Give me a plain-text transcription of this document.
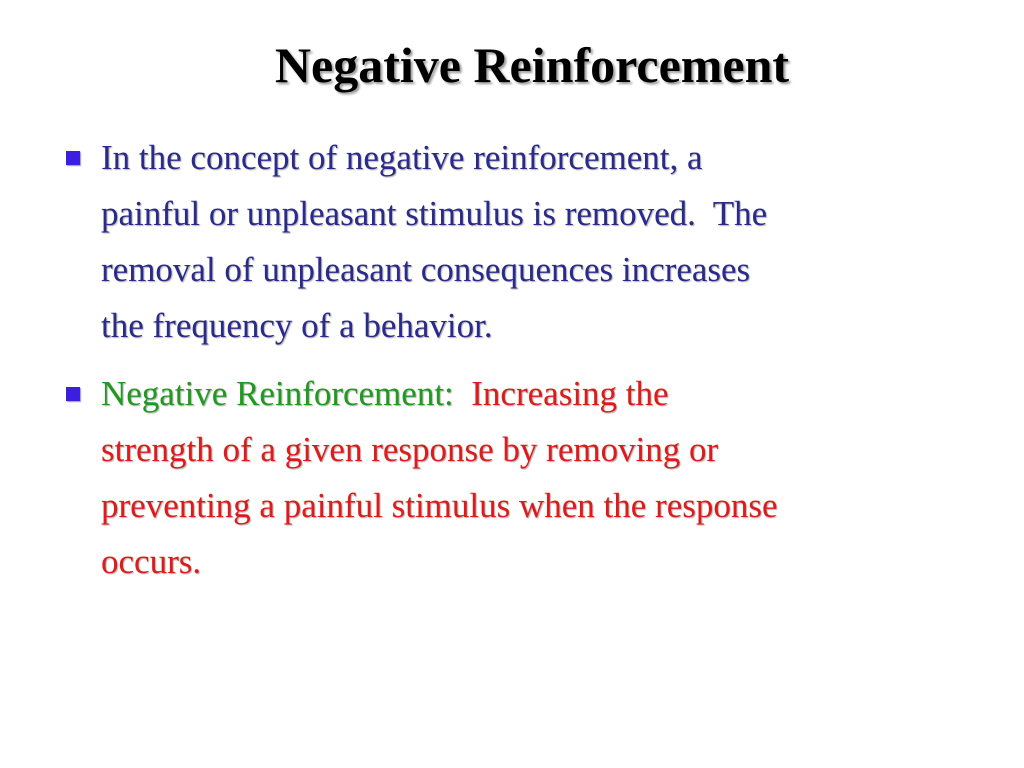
Negative Reinforcement
In the concept of negative reinforcement, a
painful or unpleasant stimulus is removed.  The
removal of unpleasant consequences increases
the frequency of a behavior.
Negative Reinforcement: Increasing the
strength of a given response by removing or
preventing a painful stimulus when the response
occurs.
